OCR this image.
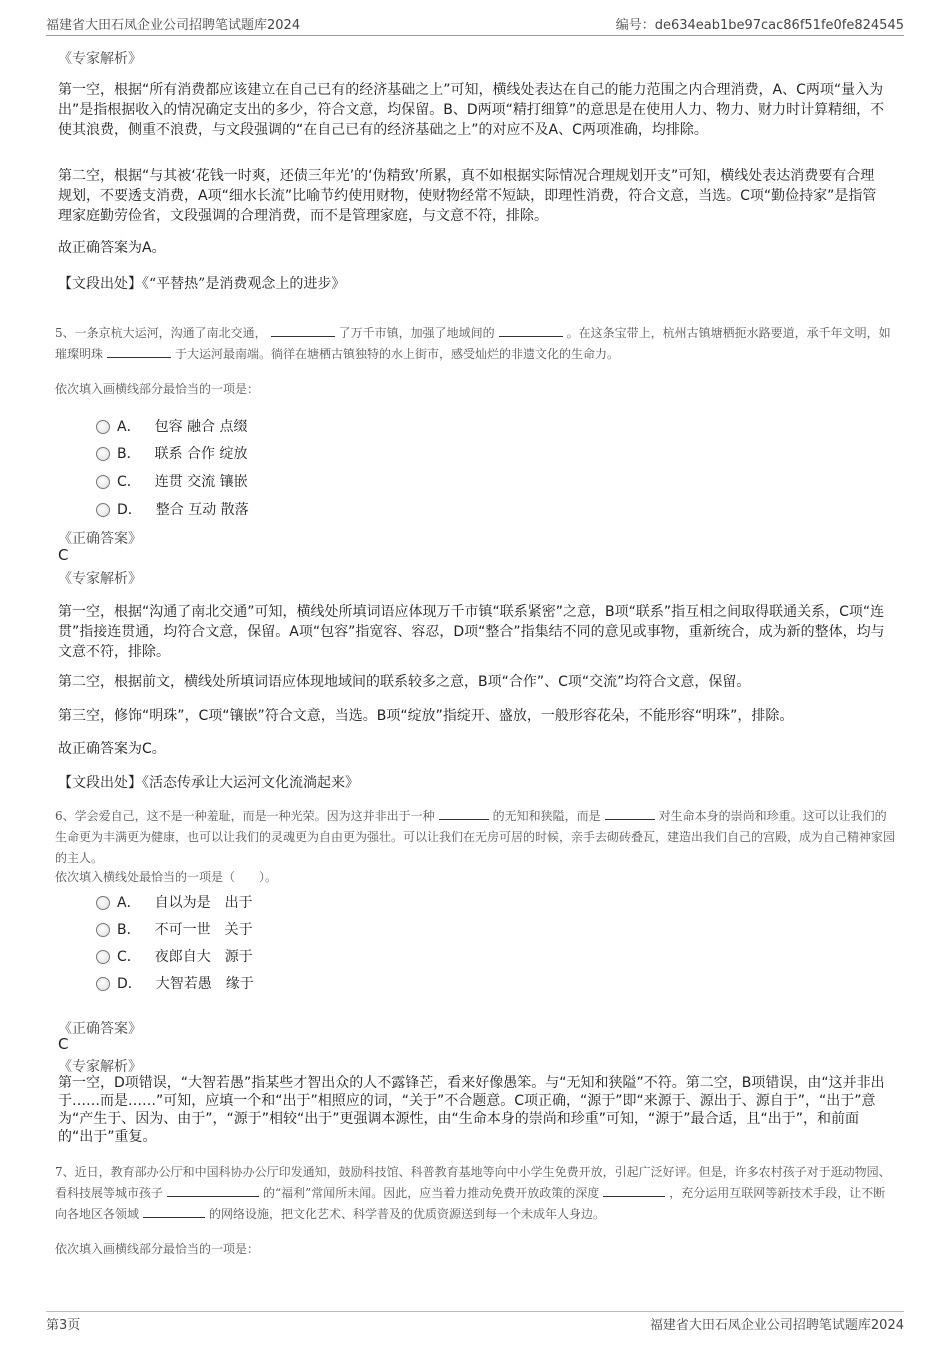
福建省大田石凤企业公司招聘笔试题库2024	编号：de634eab1be97cac86f51fe0fe824545
《专家解析》
第一空，根据“所有消费都应该建立在自己已有的经济基础之上”可知，横线处表达在自己的能力范围之内合理消费，A、C两项“量入为出”是指根据收入的情况确定支出的多少，符合文意，均保留。B、D两项“精打细算”的意思是在使用人力、物力、财力时计算精细，不使其浪费，侧重不浪费，与文段强调的“在自己已有的经济基础之上”的对应不及A、C两项准确，均排除。
第二空，根据“与其被‘花钱一时爽，还债三年光’的‘伪精致’所累，真不如根据实际情况合理规划开支”可知，横线处表达消费要有合理规划，不要透支消费，A项“细水长流”比喻节约使用财物，使财物经常不短缺，即理性消费，符合文意，当选。C项“勤俭持家”是指管理家庭勤劳俭省，文段强调的合理消费，而不是管理家庭，与文意不符，排除。
故正确答案为A。
【文段出处】《“平替热”是消费观念上的进步》
5、一条京杭大运河，沟通了南北交通，	了万千市镇，加强了地域间的	。在这条宝带上，杭州古镇塘栖扼水路要道，承千年文明，如璀璨明珠	于大运河最南端。徜徉在塘栖古镇独特的水上街市，感受灿烂的非遗文化的生命力。
依次填入画横线部分最恰当的一项是：
A． 包容 融合 点缀
B． 联系 合作 绽放
C． 连贯 交流 镶嵌
D． 整合 互动 散落
《正确答案》
C
《专家解析》
第一空，根据“沟通了南北交通”可知，横线处所填词语应体现万千市镇“联系紧密”之意，B项“联系”指互相之间取得联通关系，C项“连贯”指接连贯通，均符合文意，保留。A项“包容”指宽容、容忍，D项“整合”指集结不同的意见或事物，重新统合，成为新的整体，均与文意不符，排除。
第二空，根据前文，横线处所填词语应体现地域间的联系较多之意，B项“合作”、C项“交流”均符合文意，保留。
第三空，修饰“明珠”，C项“镶嵌”符合文意，当选。B项“绽放”指绽开、盛放，一般形容花朵，不能形容“明珠”，排除。
故正确答案为C。
【文段出处】《活态传承让大运河文化流淌起来》
6、学会爱自己，这不是一种羞耻，而是一种光荣。因为这并非出于一种	的无知和狭隘，而是	对生命本身的崇尚和珍重。这可以让我们的生命更为丰满更为健康，也可以让我们的灵魂更为自由更为强壮。可以让我们在无房可居的时候，亲手去砌砖叠瓦，建造出我们自己的宫殿，成为自己精神家园的主人。
依次填入横线处最恰当的一项是（　　）。
A． 自以为是　出于
B． 不可一世　关于
C． 夜郎自大　源于
D． 大智若愚　缘于
《正确答案》
C
《专家解析》
第一空，D项错误，“大智若愚”指某些才智出众的人不露锋芒，看来好像愚笨。与“无知和狭隘”不符。第二空，B项错误，由“这并非出于……而是……”可知，应填一个和“出于”相照应的词，“关于”不合题意。C项正确，“源于”即“来源于、源出于、源自于”，“出于”意为“产生于、因为、由于”，“源于”相较“出于”更强调本源性，由“生命本身的崇尚和珍重”可知，“源于”最合适，且“出于”，和前面的“出于”重复。
7、近日，教育部办公厅和中国科协办公厅印发通知，鼓励科技馆、科普教育基地等向中小学生免费开放，引起广泛好评。但是，许多农村孩子对于逛动物园、看科技展等城市孩子	的“福利”常闻所未闻。因此，应当着力推动免费开放政策的深度	，充分运用互联网等新技术手段，让不断向各地区各领域	的网络设施，把文化艺术、科学普及的优质资源送到每一个未成年人身边。
依次填入画横线部分最恰当的一项是：
第3页	福建省大田石凤企业公司招聘笔试题库2024
